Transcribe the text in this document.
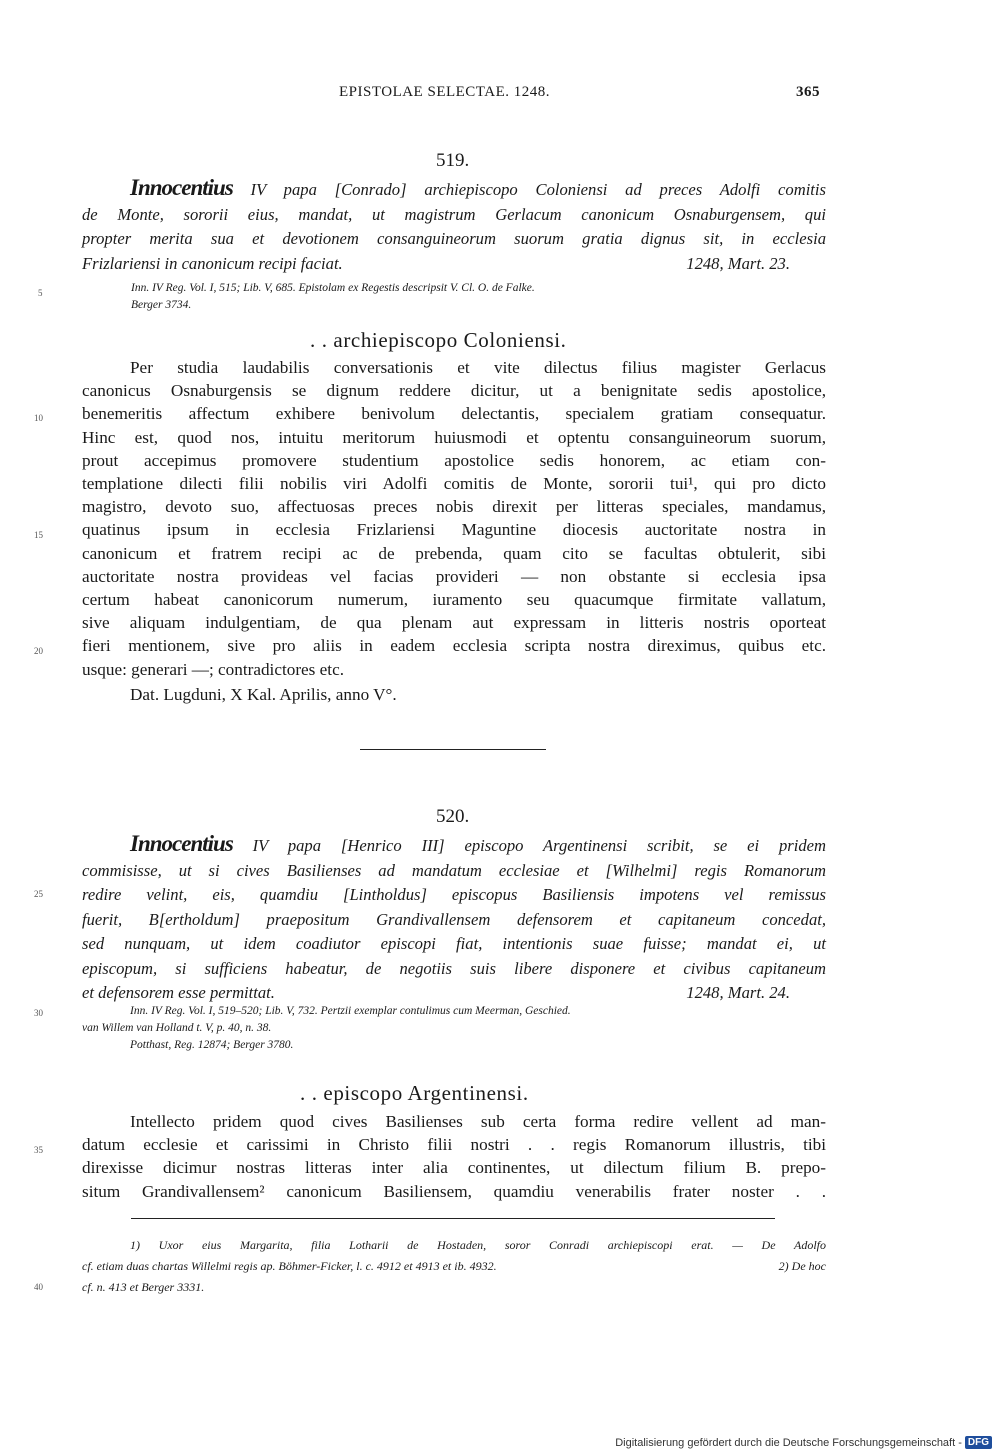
EPISTOLAE SELECTAE. 1248.	365
519.
Innocentius IV papa [Conrado] archiepiscopo Coloniensi ad preces Adolfi comitis
de Monte, sororii eius, mandat, ut magistrum Gerlacum canonicum Osnaburgensem, qui
propter merita sua et devotionem consanguineorum suorum gratia dignus sit, in ecclesia
Frizlariensi in canonicum recipi faciat.	1248, Mart. 23.
Inn. IV Reg. Vol. I, 515; Lib. V, 685. Epistolam ex Regestis descripsit V. Cl. O. de Falke.
Berger 3734.
. . archiepiscopo Coloniensi.
Per studia laudabilis conversationis et vite dilectus filius magister Gerlacus
canonicus Osnaburgensis se dignum reddere dicitur, ut a benignitate sedis apostolice,
benemeritis affectum exhibere benivolum delectantis, specialem gratiam consequatur.
Hinc est, quod nos, intuitu meritorum huiusmodi et optentu consanguineorum suorum,
prout accepimus promovere studentium apostolice sedis honorem, ac etiam con-
templatione dilecti filii nobilis viri Adolfi comitis de Monte, sororii tui¹, qui pro dicto
magistro, devoto suo, affectuosas preces nobis direxit per litteras speciales, mandamus,
quatinus ipsum in ecclesia Frizlariensi Maguntine diocesis auctoritate nostra in
canonicum et fratrem recipi ac de prebenda, quam cito se facultas obtulerit, sibi
auctoritate nostra provideas vel facias provideri — non obstante si ecclesia ipsa
certum habeat canonicorum numerum, iuramento seu quacumque firmitate vallatum,
sive aliquam indulgentiam, de qua plenam aut expressam in litteris nostris oporteat
fieri mentionem, sive pro aliis in eadem ecclesia scripta nostra direximus, quibus etc.
usque: generari —; contradictores etc.
Dat. Lugduni, X Kal. Aprilis, anno V°.
520.
Innocentius IV papa [Henrico III] episcopo Argentinensi scribit, se ei pridem
commisisse, ut si cives Basilienses ad mandatum ecclesiae et [Wilhelmi] regis Romanorum
redire velint, eis, quamdiu [Lintholdus] episcopus Basiliensis impotens vel remissus
fuerit, B[ertholdum] praepositum Grandivallensem defensorem et capitaneum concedat,
sed nunquam, ut idem coadiutor episcopi fiat, intentionis suae fuisse; mandat ei, ut
episcopum, si sufficiens habeatur, de negotiis suis libere disponere et civibus capitaneum
et defensorem esse permittat.	1248, Mart. 24.
Inn. IV Reg. Vol. I, 519–520; Lib. V, 732. Pertzii exemplar contulimus cum Meerman, Geschied.
van Willem van Holland t. V, p. 40, n. 38.
Potthast, Reg. 12874; Berger 3780.
. . episcopo Argentinensi.
Intellecto pridem quod cives Basilienses sub certa forma redire vellent ad man-
datum ecclesie et carissimi in Christo filii nostri . . regis Romanorum illustris, tibi
direxisse dicimur nostras litteras inter alia continentes, ut dilectum filium B. prepo-
situm Grandivallensem² canonicum Basiliensem, quamdiu venerabilis frater noster . .
1) Uxor eius Margarita, filia Lotharii de Hostaden, soror Conradi archiepiscopi erat. — De Adolfo
cf. etiam duas chartas Willelmi regis ap. Böhmer-Ficker, l. c. 4912 et 4913 et ib. 4932.	2) De hoc
cf. n. 413 et Berger 3331.
5
10
15
20
25
30
35
40
Digitalisierung gefördert durch die Deutsche Forschungsgemeinschaft - DFG
